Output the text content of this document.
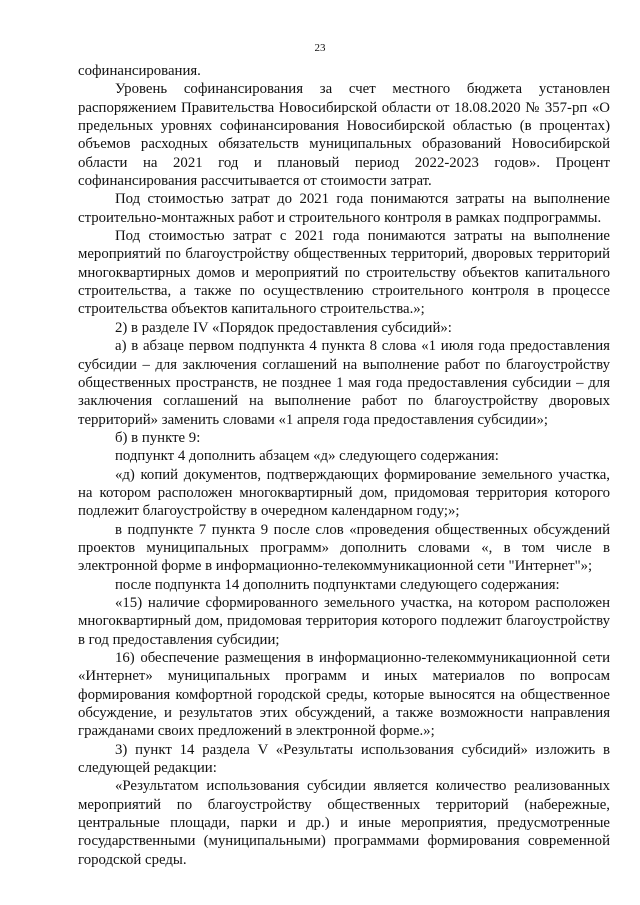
23

софинансирования.

Уровень софинансирования за счет местного бюджета установлен распоряжением Правительства Новосибирской области от 18.08.2020 № 357-рп «О предельных уровнях софинансирования Новосибирской областью (в процентах) объемов расходных обязательств муниципальных образований Новосибирской области на 2021 год и плановый период 2022-2023 годов». Процент софинансирования рассчитывается от стоимости затрат.

Под стоимостью затрат до 2021 года понимаются затраты на выполнение строительно-монтажных работ и строительного контроля в рамках подпрограммы.

Под стоимостью затрат с 2021 года понимаются затраты на выполнение мероприятий по благоустройству общественных территорий, дворовых территорий многоквартирных домов и мероприятий по строительству объектов капитального строительства, а также по осуществлению строительного контроля в процессе строительства объектов капитального строительства.»;

2) в разделе IV «Порядок предоставления субсидий»:

а) в абзаце первом подпункта 4 пункта 8 слова «1 июля года предоставления субсидии – для заключения соглашений на выполнение работ по благоустройству общественных пространств, не позднее 1 мая года предоставления субсидии – для заключения соглашений на выполнение работ по благоустройству дворовых территорий» заменить словами «1 апреля года предоставления субсидии»;

б) в пункте 9:

подпункт 4 дополнить абзацем «д» следующего содержания:

«д) копий документов, подтверждающих формирование земельного участка, на котором расположен многоквартирный дом, придомовая территория которого подлежит благоустройству в очередном календарном году;»;

в подпункте 7 пункта 9 после слов «проведения общественных обсуждений проектов муниципальных программ» дополнить словами «, в том числе в электронной форме в информационно-телекоммуникационной сети "Интернет"»;

после подпункта 14 дополнить подпунктами следующего содержания:

«15) наличие сформированного земельного участка, на котором расположен многоквартирный дом, придомовая территория которого подлежит благоустройству в год предоставления субсидии;

16) обеспечение размещения в информационно-телекоммуникационной сети «Интернет» муниципальных программ и иных материалов по вопросам формирования комфортной городской среды, которые выносятся на общественное обсуждение, и результатов этих обсуждений, а также возможности направления гражданами своих предложений в электронной форме.»;

3) пункт 14 раздела V «Результаты использования субсидий» изложить в следующей редакции:

«Результатом использования субсидии является количество реализованных мероприятий по благоустройству общественных территорий (набережные, центральные площади, парки и др.) и иные мероприятия, предусмотренные государственными (муниципальными) программами формирования современной городской среды.
